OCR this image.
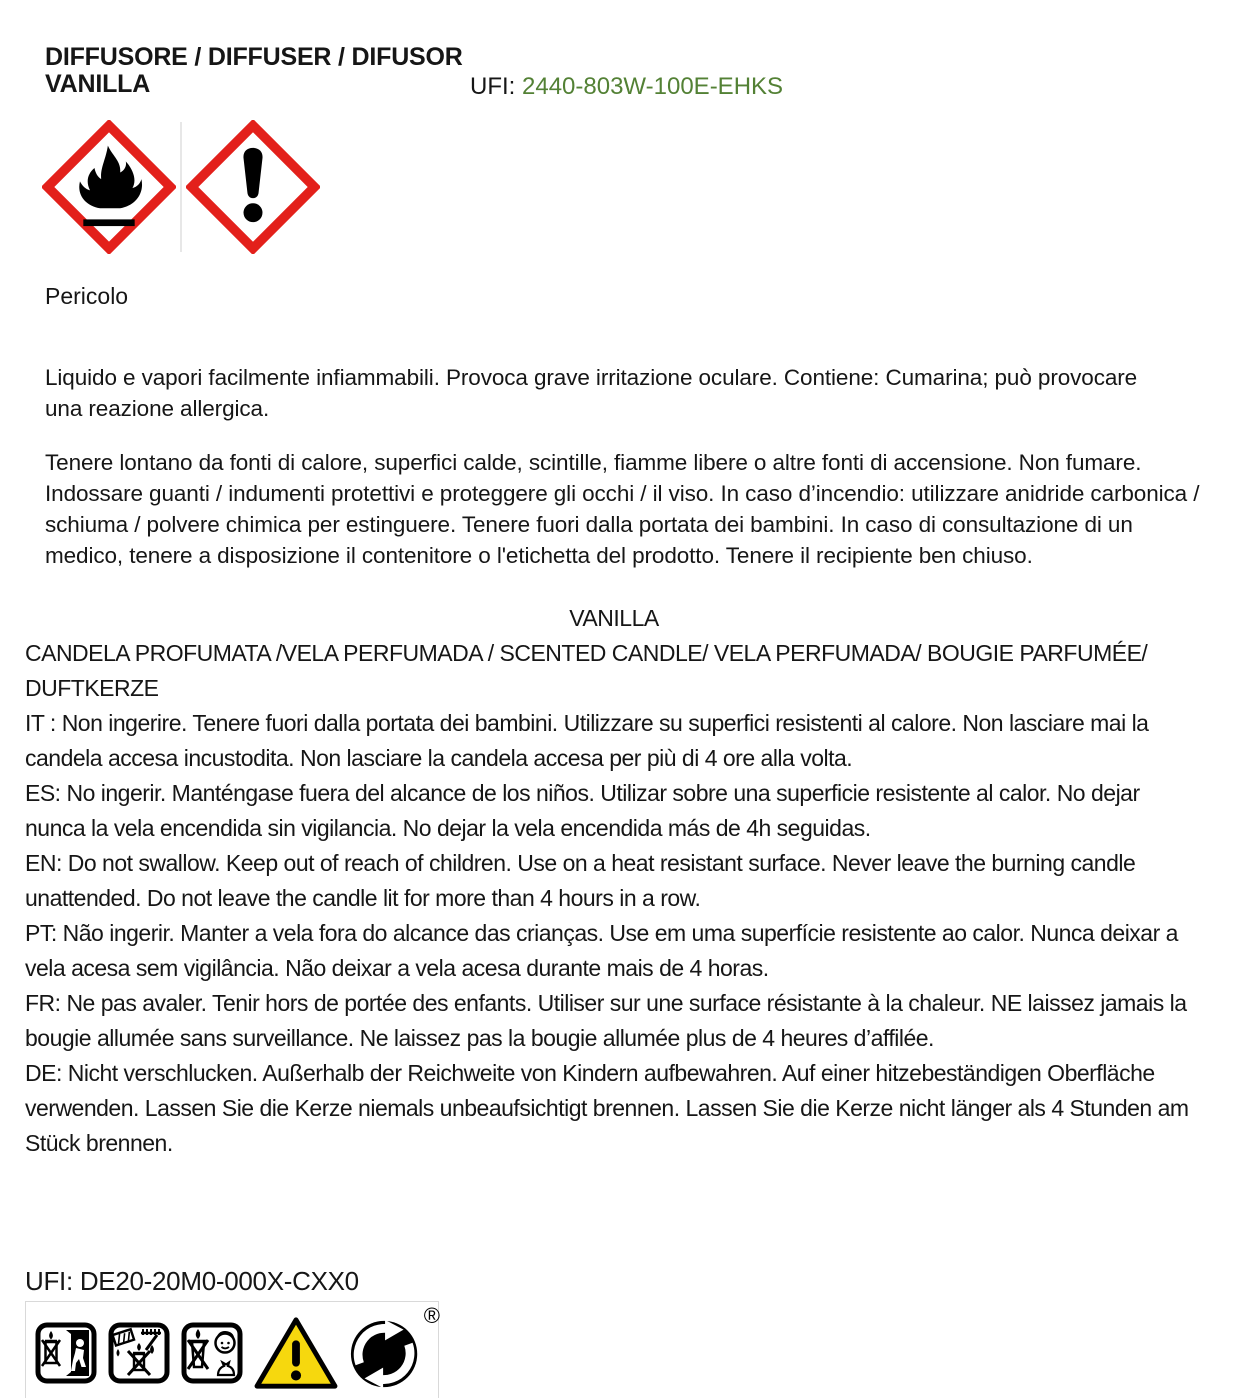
DIFFUSORE / DIFFUSER / DIFUSOR
VANILLA	UFI: 2440-803W-100E-EHKS
Pericolo

Liquido e vapori facilmente infiammabili. Provoca grave irritazione oculare. Contiene: Cumarina; può provocare una reazione allergica.

Tenere lontano da fonti di calore, superfici calde, scintille, fiamme libere o altre fonti di accensione. Non fumare. Indossare guanti / indumenti protettivi e proteggere gli occhi / il viso. In caso d’incendio: utilizzare anidride carbonica / schiuma / polvere chimica per estinguere. Tenere fuori dalla portata dei bambini. In caso di consultazione di un medico, tenere a disposizione il contenitore o l'etichetta del prodotto. Tenere il recipiente ben chiuso.

VANILLA

CANDELA PROFUMATA /VELA PERFUMADA / SCENTED CANDLE/ VELA PERFUMADA/ BOUGIE PARFUMÉE/ DUFTKERZE

IT : Non ingerire. Tenere fuori dalla portata dei bambini. Utilizzare su superfici resistenti al calore. Non lasciare mai la candela accesa incustodita. Non lasciare la candela accesa per più di 4 ore alla volta.

ES: No ingerir. Manténgase fuera del alcance de los niños. Utilizar sobre una superficie resistente al calor. No dejar nunca la vela encendida sin vigilancia. No dejar la vela encendida más de 4h seguidas.

EN: Do not swallow. Keep out of reach of children. Use on a heat resistant surface. Never leave the burning candle unattended. Do not leave the candle lit for more than 4 hours in a row.

PT: Não ingerir. Manter a vela fora do alcance das crianças. Use em uma superfície resistente ao calor. Nunca deixar a vela acesa sem vigilância. Não deixar a vela acesa durante mais de 4 horas.

FR: Ne pas avaler. Tenir hors de portée des enfants. Utiliser sur une surface résistante à la chaleur. NE laissez jamais la bougie allumée sans surveillance. Ne laissez pas la bougie allumée plus de 4 heures d’affilée.

DE: Nicht verschlucken. Außerhalb der Reichweite von Kindern aufbewahren. Auf einer hitzebeständigen Oberfläche verwenden. Lassen Sie die Kerze niemals unbeaufsichtigt brennen. Lassen Sie die Kerze nicht länger als 4 Stunden am Stück brennen.

UFI: DE20-20M0-000X-CXX0
®
